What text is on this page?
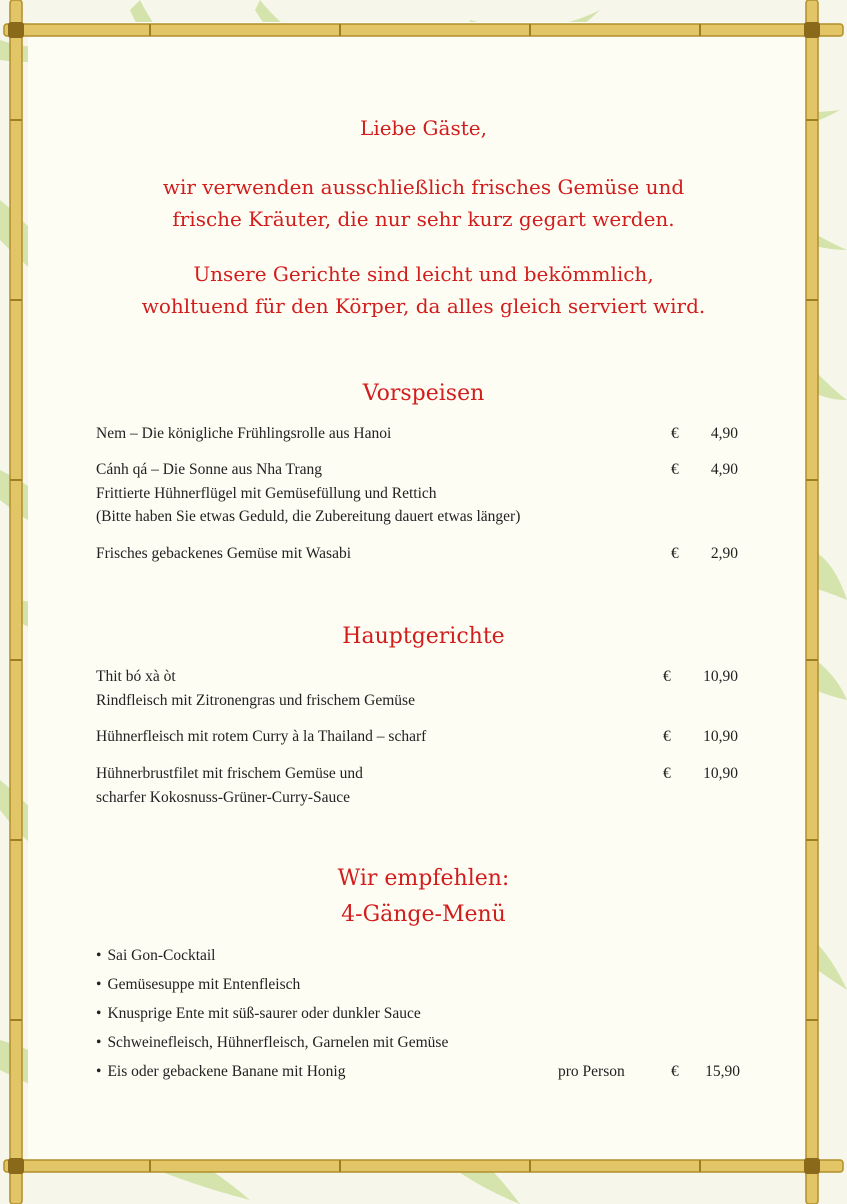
Liebe Gäste,
wir verwenden ausschließlich frisches Gemüse und
frische Kräuter, die nur sehr kurz gegart werden.
Unsere Gerichte sind leicht und bekömmlich,
wohltuend für den Körper, da alles gleich serviert wird.
Vorspeisen
Nem – Die königliche Frühlingsrolle aus Hanoi	€	4,90
Cánh qá – Die Sonne aus Nha Trang
Frittierte Hühnerflügel mit Gemüsefüllung und Rettich
(Bitte haben Sie etwas Geduld, die Zubereitung dauert etwas länger)
€	4,90
Frisches gebackenes Gemüse mit Wasabi	€	2,90
Hauptgerichte
Thit bó xà òt
Rindfleisch mit Zitronengras und frischem Gemüse
€	10,90
Hühnerfleisch mit rotem Curry à la Thailand – scharf	€	10,90
Hühnerbrustfilet mit frischem Gemüse und
scharfer Kokosnuss-Grüner-Curry-Sauce
€	10,90
Wir empfehlen:
4-Gänge-Menü
• Sai Gon-Cocktail
• Gemüsesuppe mit Entenfleisch
• Knusprige Ente mit süß-saurer oder dunkler Sauce
• Schweinefleisch, Hühnerfleisch, Garnelen mit Gemüse
• Eis oder gebackene Banane mit Honig	pro Person	€	15,90
